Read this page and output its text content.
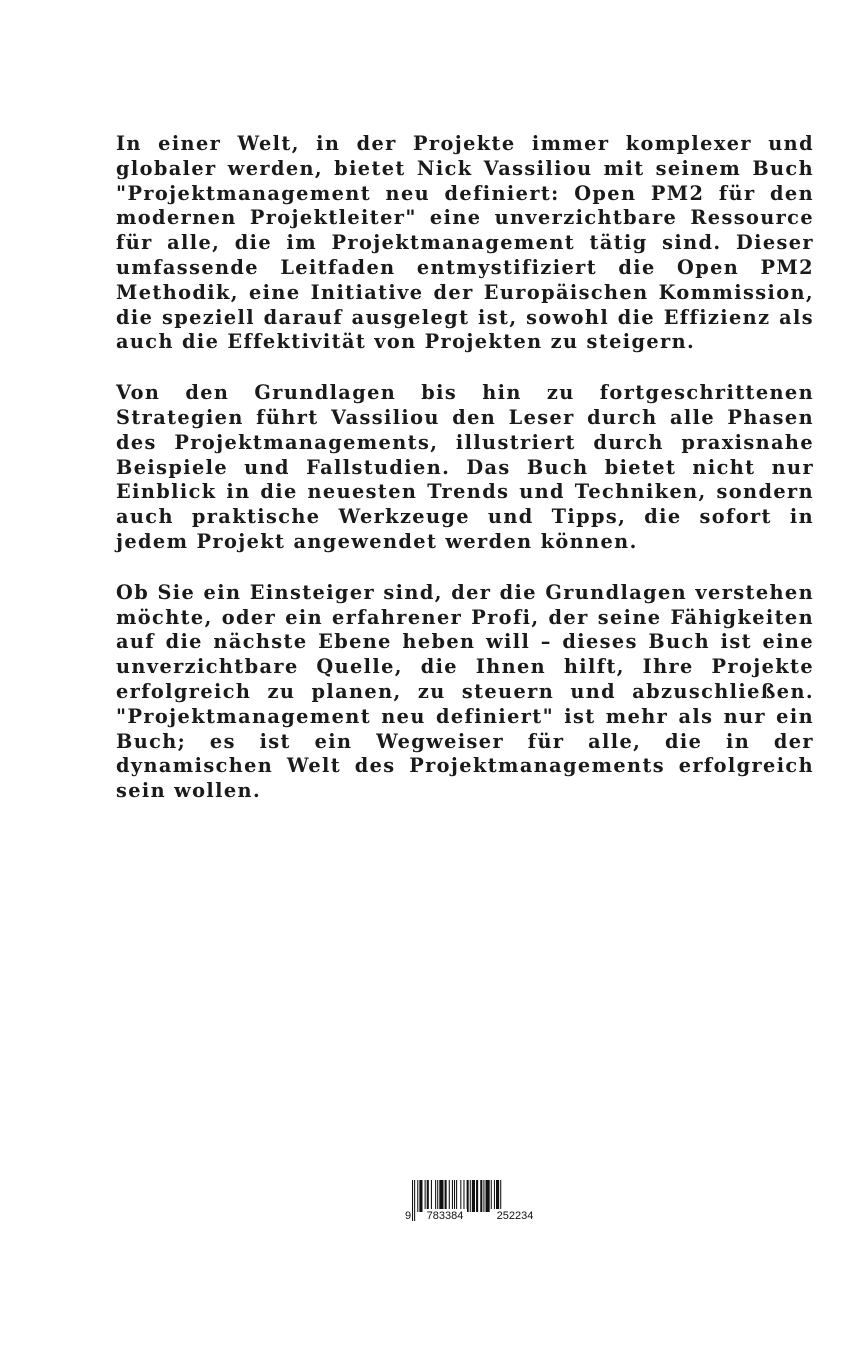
In einer Welt, in der Projekte immer komplexer und globaler werden, bietet Nick Vassiliou mit seinem Buch "Projektmanagement neu definiert: Open PM2 für den modernen Projektleiter" eine unverzichtbare Ressource für alle, die im Projektmanagement tätig sind. Dieser umfassende Leitfaden entmystifiziert die Open PM2 Methodik, eine Initiative der Europäischen Kommission, die speziell darauf ausgelegt ist, sowohl die Effizienz als auch die Effektivität von Projekten zu steigern.

Von den Grundlagen bis hin zu fortgeschrittenen Strategien führt Vassiliou den Leser durch alle Phasen des Projektmanagements, illustriert durch praxisnahe Beispiele und Fallstudien. Das Buch bietet nicht nur Einblick in die neuesten Trends und Techniken, sondern auch praktische Werkzeuge und Tipps, die sofort in jedem Projekt angewendet werden können.

Ob Sie ein Einsteiger sind, der die Grundlagen verstehen möchte, oder ein erfahrener Profi, der seine Fähigkeiten auf die nächste Ebene heben will – dieses Buch ist eine unverzichtbare Quelle, die Ihnen hilft, Ihre Projekte erfolgreich zu planen, zu steuern und abzuschließen. "Projektmanagement neu definiert" ist mehr als nur ein Buch; es ist ein Wegweiser für alle, die in der dynamischen Welt des Projektmanagements erfolgreich sein wollen.

9	783384	252234
